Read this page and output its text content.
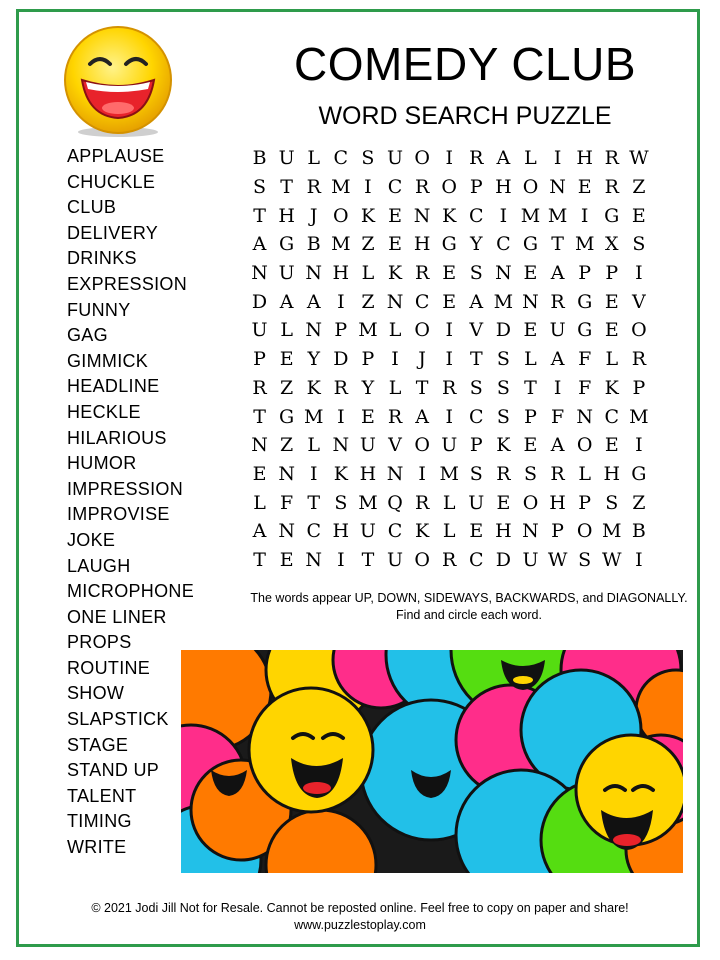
COMEDY CLUB
WORD SEARCH PUZZLE
APPLAUSE
CHUCKLE
CLUB
DELIVERY
DRINKS
EXPRESSION
FUNNY
GAG
GIMMICK
HEADLINE
HECKLE
HILARIOUS
HUMOR
IMPRESSION
IMPROVISE
JOKE
LAUGH
MICROPHONE
ONE LINER
PROPS
ROUTINE
SHOW
SLAPSTICK
STAGE
STAND UP
TALENT
TIMING
WRITE
B	U	L	C	S	U	O	I	R	A	L	I	H	R	W
S	T	R	M	I	C	R	O	P	H	O	N	E	R	Z
T	H	J	O	K	E	N	K	C	I	M	M	I	G	E
A	G	B	M	Z	E	H	G	Y	C	G	T	M	X	S
N	U	N	H	L	K	R	E	S	N	E	A	P	P	I
D	A	A	I	Z	N	C	E	A	M	N	R	G	E	V
U	L	N	P	M	L	O	I	V	D	E	U	G	E	O
P	E	Y	D	P	I	J	I	T	S	L	A	F	L	R
R	Z	K	R	Y	L	T	R	S	S	T	I	F	K	P
T	G	M	I	E	R	A	I	C	S	P	F	N	C	M
N	Z	L	N	U	V	O	U	P	K	E	A	O	E	I
E	N	I	K	H	N	I	M	S	R	S	R	L	H	G
L	F	T	S	M	Q	R	L	U	E	O	H	P	S	Z
A	N	C	H	U	C	K	L	E	H	N	P	O	M	B
T	E	N	I	T	U	O	R	C	D	U	W	S	W	I
The words appear UP, DOWN, SIDEWAYS, BACKWARDS, and DIAGONALLY.
Find and circle each word.
© 2021 Jodi Jill Not for Resale. Cannot be reposted online. Feel free to copy on paper and share!
www.puzzlestoplay.com
